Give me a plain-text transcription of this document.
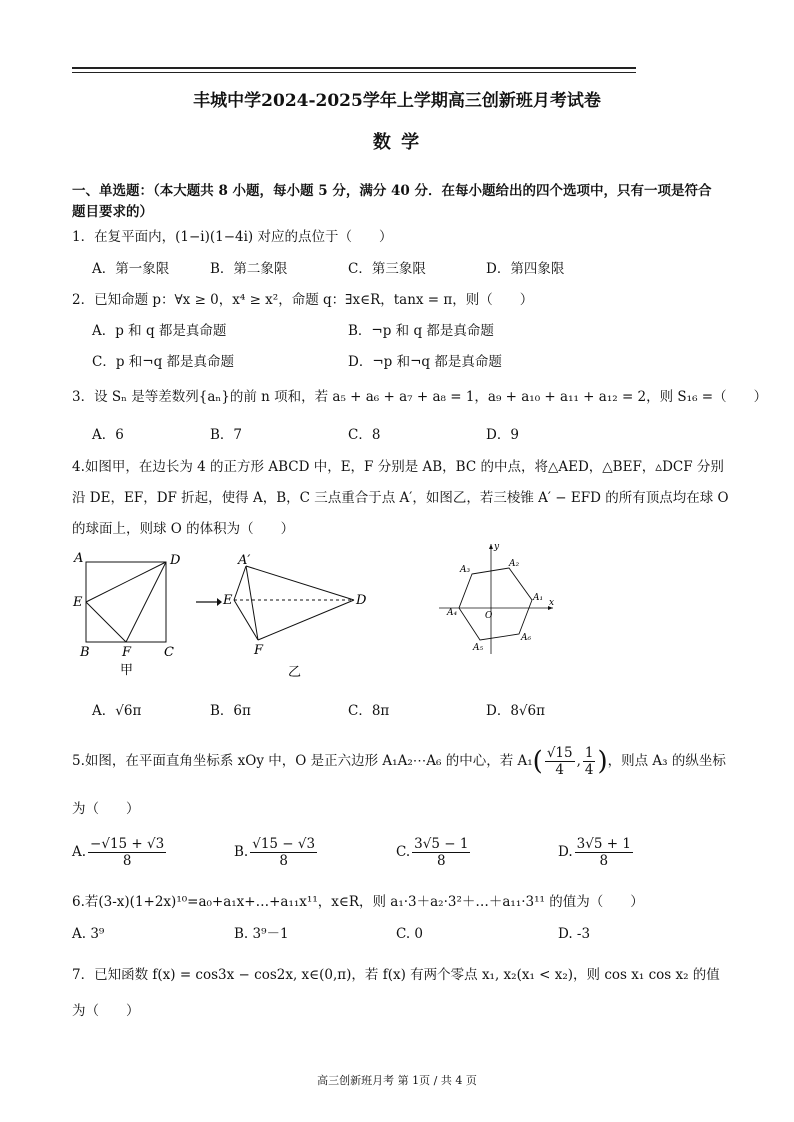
丰城中学2024-2025学年上学期高三创新班月考试卷
数 学
一、单选题：（本大题共 8 小题，每小题 5 分，满分 40 分．在每小题给出的四个选项中，只有一项是符合
题目要求的）
1．在复平面内，(1−i)(1−4i) 对应的点位于（　　）
A．第一象限	B．第二象限	C．第三象限	D．第四象限
2．已知命题 p：∀x ≥ 0，x⁴ ≥ x²，命题 q：∃x∈R，tanx = π，则（　　）
A．p 和 q 都是真命题	B．¬p 和 q 都是真命题
C．p 和¬q 都是真命题	D．¬p 和¬q 都是真命题
3．设 Sₙ 是等差数列{aₙ}的前 n 项和，若 a₅ + a₆ + a₇ + a₈ = 1，a₉ + a₁₀ + a₁₁ + a₁₂ = 2，则 S₁₆ =（　　）
A．6	B．7	C．8	D．9
4.如图甲，在边长为 4 的正方形 ABCD 中，E，F 分别是 AB，BC 的中点，将△AED，△BEF，▵DCF 分别
沿 DE，EF，DF 折起，使得 A，B，C 三点重合于点 A′，如图乙，若三棱锥 A′ − EFD 的所有顶点均在球 O
的球面上，则球 O 的体积为（　　）
A	D
E
B F	C
甲
A′
E
F
D
乙
y
x
O
A₁
A₂
A₃
A₄
A₅
A₆
A．√6π	B．6π	C．8π	D．8√6π
5.如图，在平面直角坐标系 xOy 中，O 是正六边形 A₁A₂⋯A₆ 的中心，若 $A_1( \frac{√15}{4}$ , $\frac{1}{4}$ )，则点 A₃ 的纵坐标
为（　　）
A. $\frac{-√15 + √3}{8}$	B. $\frac{√15 - √3}{8}$	C. $\frac{3√5 - 1}{8}$	D. $\frac{3√5 + 1}{8}$
6.若(3-x)(1+2x)¹⁰=a₀+a₁x+…+a₁₁x¹¹，x∈R，则 a₁·3＋a₂·3²＋…＋a₁₁·3¹¹ 的值为（　　）
A. 3⁹	B. 3⁹－1	C. 0	D. -3
7．已知函数 f(x) = cos3x − cos2x, x∈(0,π)，若 f(x) 有两个零点 x₁, x₂(x₁ < x₂)，则 cos x₁ cos x₂ 的值
为（　　）
高三创新班月考 第 1页 / 共 4 页
